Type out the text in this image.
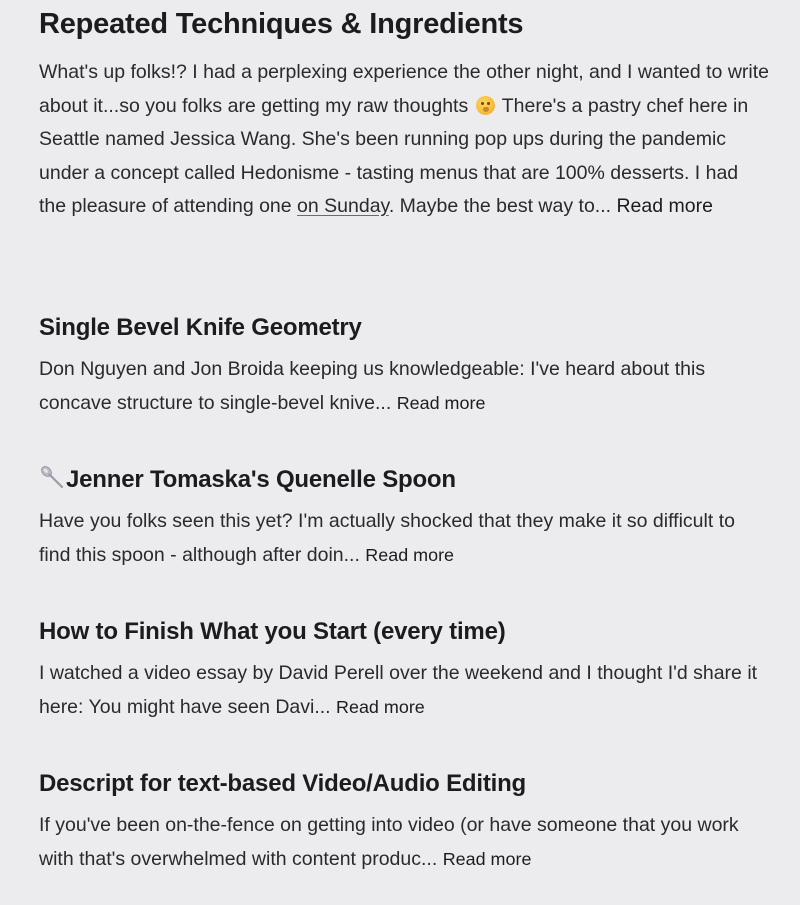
Repeated Techniques & Ingredients

What's up folks!? I had a perplexing experience the other night, and I wanted to write about it...so you folks are getting my raw thoughts  There's a pastry chef here in Seattle named Jessica Wang. She's been running pop ups during the pandemic under a concept called Hedonisme - tasting menus that are 100% desserts. I had the pleasure of attending one on Sunday. Maybe the best way to... Read more

Single Bevel Knife Geometry

Don Nguyen and Jon Broida keeping us knowledgeable: I've heard about this concave structure to single-bevel knive... Read more

Jenner Tomaska's Quenelle Spoon

Have you folks seen this yet? I'm actually shocked that they make it so difficult to find this spoon - although after doin... Read more

How to Finish What you Start (every time)

I watched a video essay by David Perell over the weekend and I thought I'd share it here: You might have seen Davi... Read more

Descript for text-based Video/Audio Editing

If you've been on-the-fence on getting into video (or have someone that you work with that's overwhelmed with content produc... Read more
